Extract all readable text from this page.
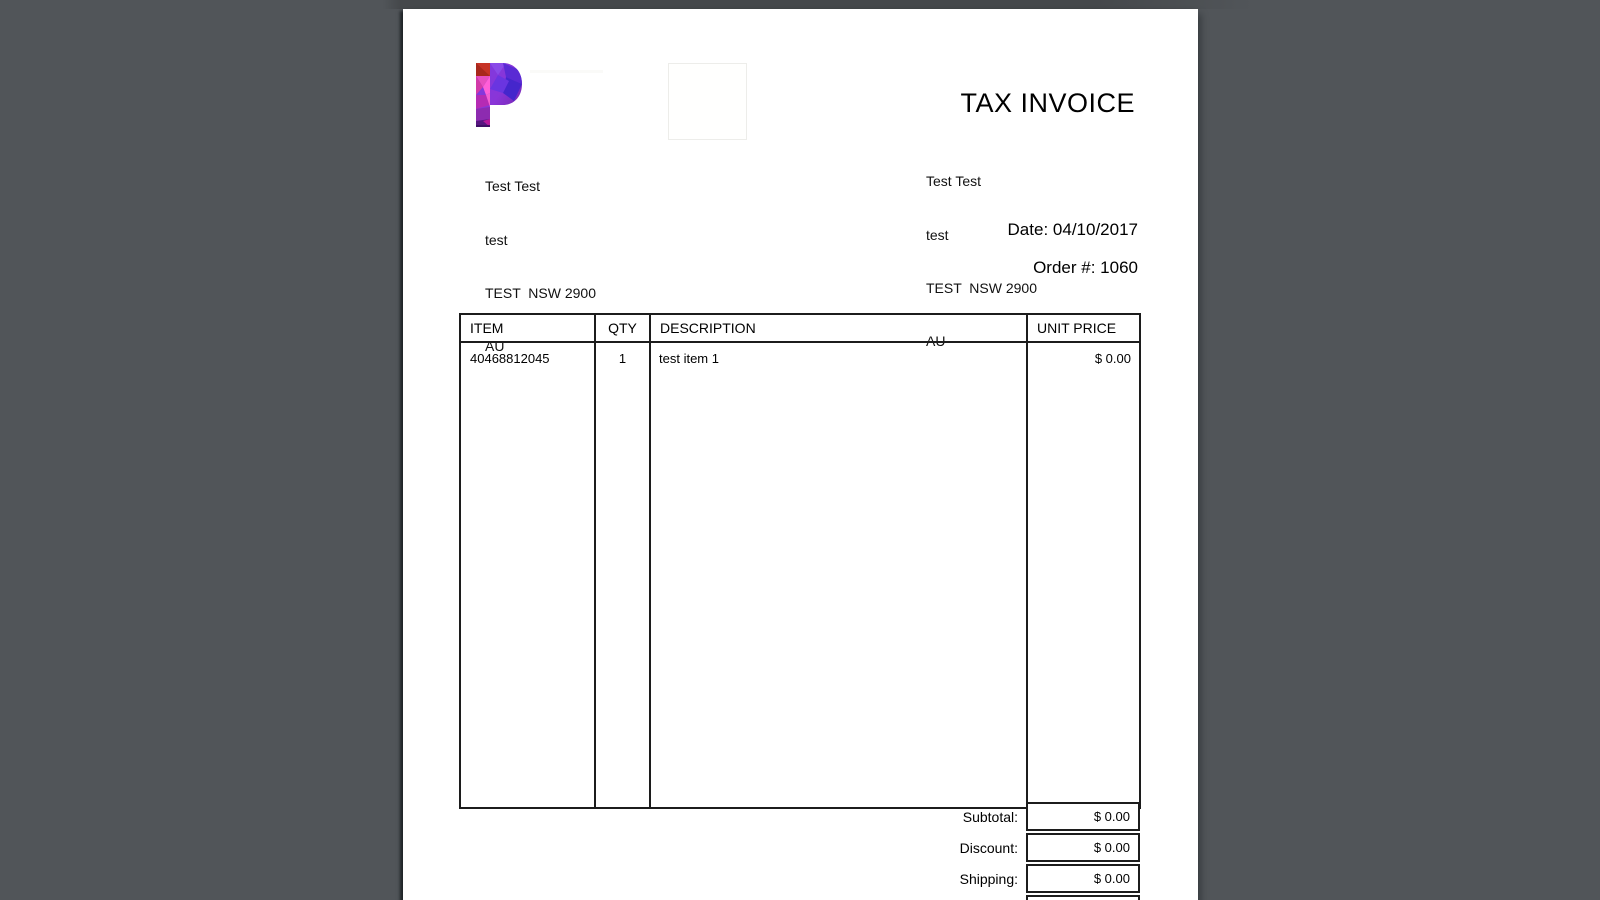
Test Test

test

TEST  NSW 2900

AU

TAX INVOICE

Test Test

test

TEST  NSW 2900

AU

Date: 04/10/2017
Order #: 1060
ITEM	QTY	DESCRIPTION	UNIT PRICE
40468812045	1	test item 1	$ 0.00
Subtotal:	$ 0.00
Discount:	$ 0.00
Shipping:	$ 0.00
